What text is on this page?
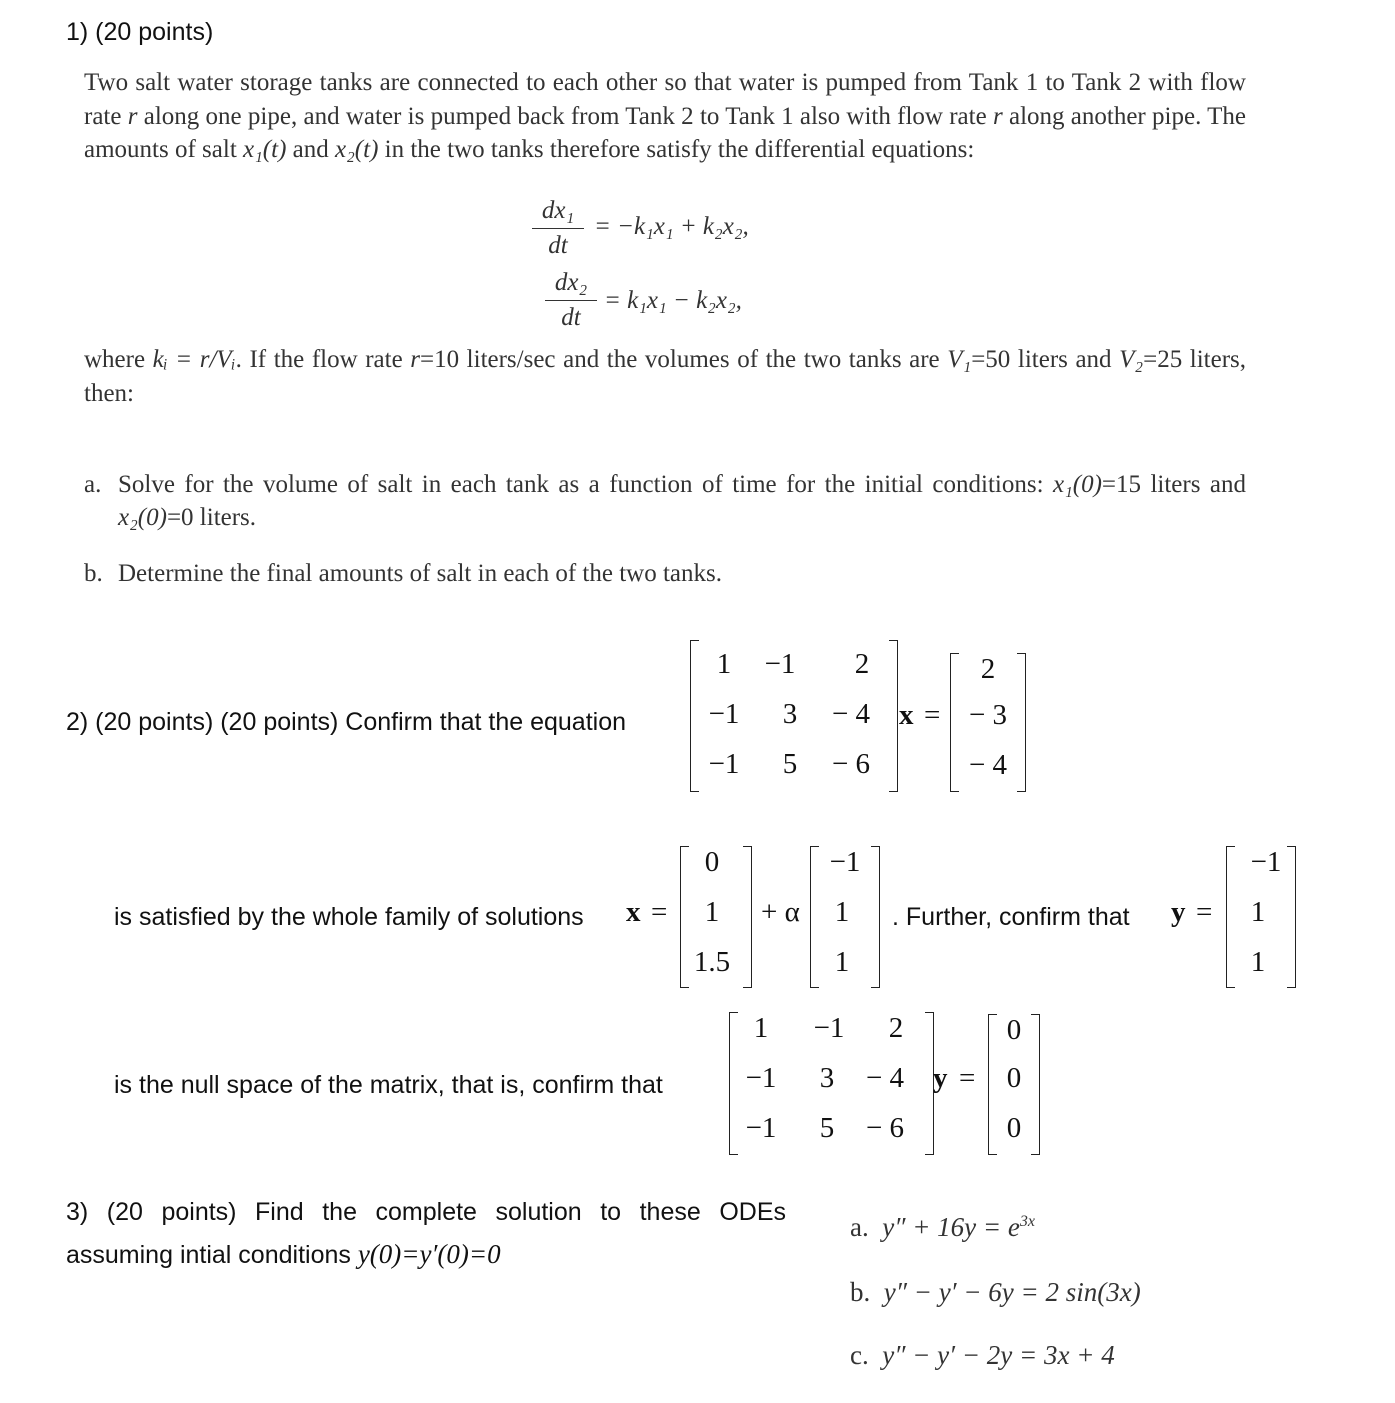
1) (20 points)
Two salt water storage tanks are connected to each other so that water is pumped from Tank 1 to Tank 2 with flow rate r along one pipe, and water is pumped back from Tank 2 to Tank 1 also with flow rate r along another pipe. The amounts of salt x₁(t) and x₂(t) in the two tanks therefore satisfy the differential equations:
dx₁
dt
= −k₁x₁ + k₂x₂,
dx₂
dt
= k₁x₁ − k₂x₂,
where kᵢ = r/Vᵢ. If the flow rate r=10 liters/sec and the volumes of the two tanks are V₁=50 liters and V₂=25 liters, then:
a. Solve for the volume of salt in each tank as a function of time for the initial conditions: x₁(0)=15 liters and x₂(0)=0 liters.
b. Determine the final amounts of salt in each of the two tanks.
2) (20 points) (20 points) Confirm that the equation
1	−1	2
−1	3	− 4
−1	5	− 6
x =
2
− 3
− 4
is satisfied by the whole family of solutions x =
0
1
1.5
+ α
−1
1
1
. Further, confirm that y =
−1
1
1
is the null space of the matrix, that is, confirm that
1	−1	2
−1	3	− 4
−1	5	− 6
y =
0
0
0
3) (20 points) Find the complete solution to these ODEs
assuming intial conditions y(0)=y′(0)=0
a. $y'' + 16y = e^{3x}$
b. y″ − y′ − 6y = 2 sin(3x)
c. y″ − y′ − 2y = 3x + 4
